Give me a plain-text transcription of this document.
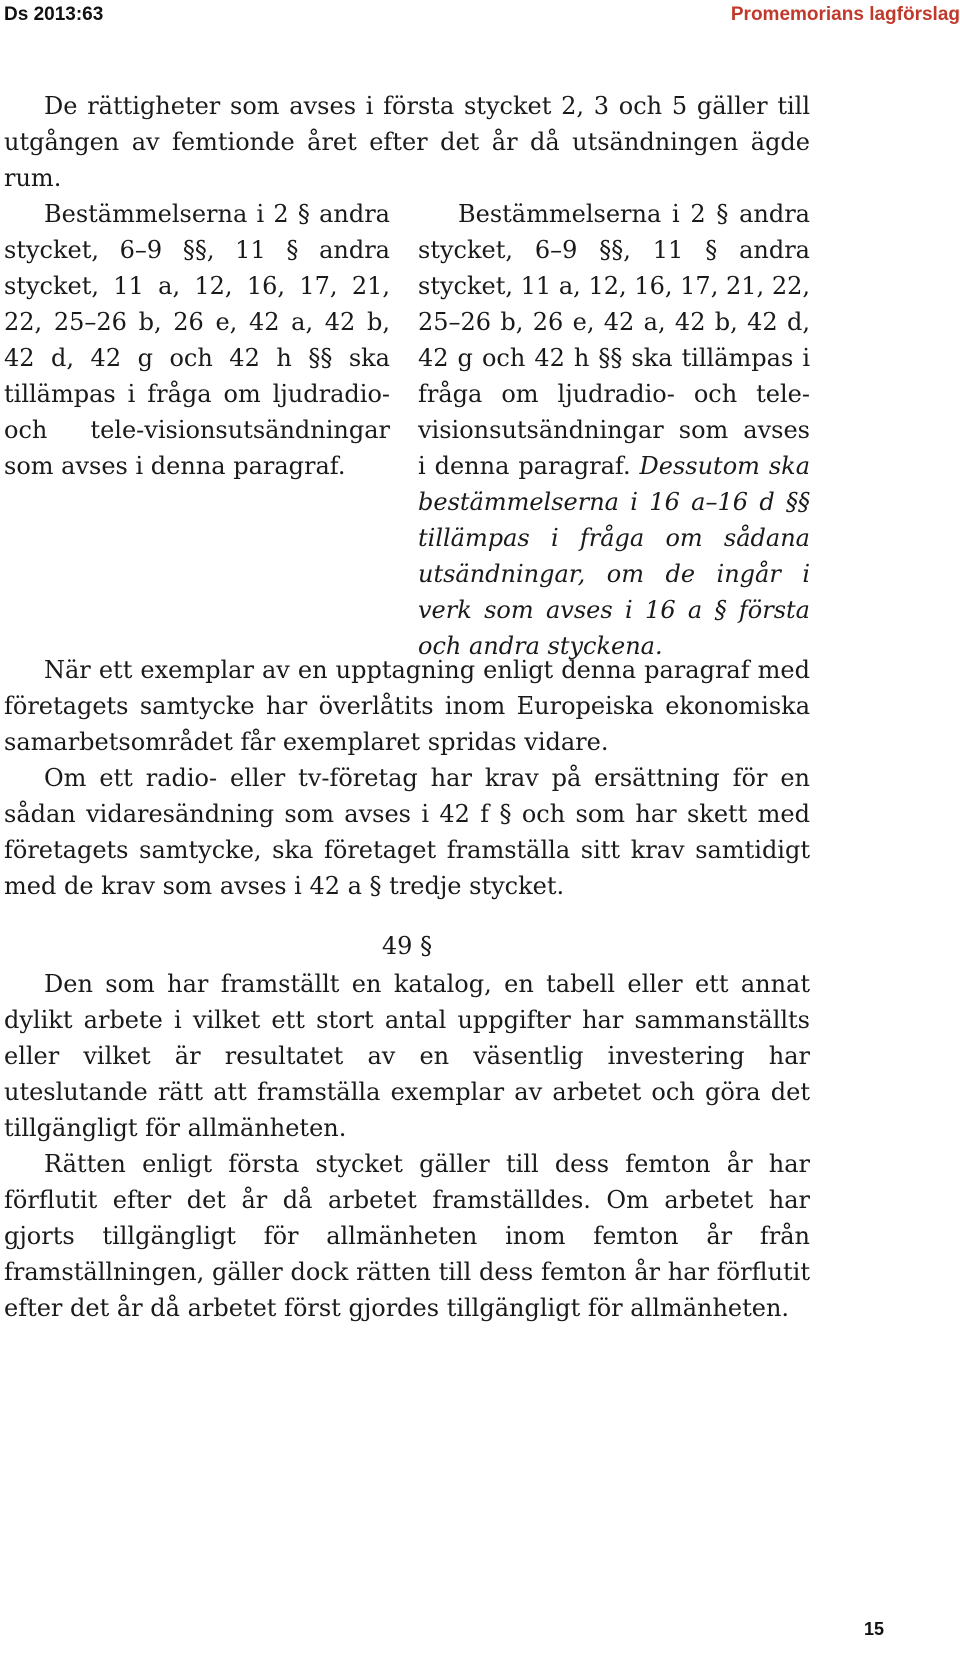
Ds 2013:63	Promemorians lagförslag

De rättigheter som avses i första stycket 2, 3 och 5 gäller till utgången av femtionde året efter det år då utsändningen ägde rum.

Bestämmelserna i 2 § andra stycket, 6–9 §§, 11 § andra stycket, 11 a, 12, 16, 17, 21, 22, 25–26 b, 26 e, 42 a, 42 b, 42 d, 42 g och 42 h §§ ska tillämpas i fråga om ljudradio- och tele-visionsutsändningar som avses i denna paragraf.

Bestämmelserna i 2 § andra stycket, 6–9 §§, 11 § andra stycket, 11 a, 12, 16, 17, 21, 22, 25–26 b, 26 e, 42 a, 42 b, 42 d, 42 g och 42 h §§ ska tillämpas i fråga om ljudradio- och tele-visionsutsändningar som avses i denna paragraf. Dessutom ska bestämmelserna i 16 a–16 d §§ tillämpas i fråga om sådana utsändningar, om de ingår i verk som avses i 16 a § första och andra styckena.

När ett exemplar av en upptagning enligt denna paragraf med företagets samtycke har överlåtits inom Europeiska ekonomiska samarbetsområdet får exemplaret spridas vidare.

Om ett radio- eller tv-företag har krav på ersättning för en sådan vidaresändning som avses i 42 f § och som har skett med företagets samtycke, ska företaget framställa sitt krav samtidigt med de krav som avses i 42 a § tredje stycket.

49 §

Den som har framställt en katalog, en tabell eller ett annat dylikt arbete i vilket ett stort antal uppgifter har sammanställts eller vilket är resultatet av en väsentlig investering har uteslutande rätt att framställa exemplar av arbetet och göra det tillgängligt för allmänheten.

Rätten enligt första stycket gäller till dess femton år har förflutit efter det år då arbetet framställdes. Om arbetet har gjorts tillgängligt för allmänheten inom femton år från framställningen, gäller dock rätten till dess femton år har förflutit efter det år då arbetet först gjordes tillgängligt för allmänheten.

15
